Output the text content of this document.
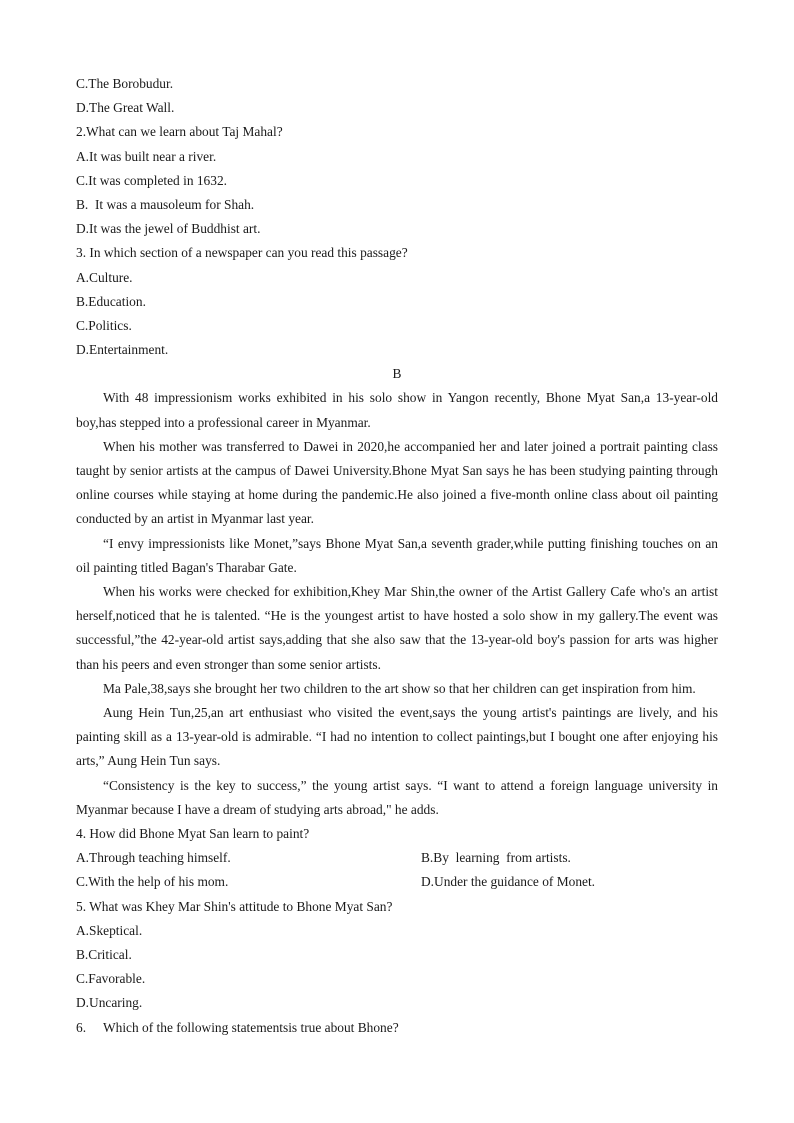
C.The Borobudur.
D.The Great Wall.
2.What can we learn about Taj Mahal?
A.It was built near a river.
C.It was completed in 1632.
B.  It was a mausoleum for Shah.
D.It was the jewel of Buddhist art.
3. In which section of a newspaper can you read this passage?
A.Culture.
B.Education.
C.Politics.
D.Entertainment.
B

With 48 impressionism works exhibited in his solo show in Yangon recently, Bhone Myat San,a 13-year-old boy,has stepped into a professional career in Myanmar.

When his mother was transferred to Dawei in 2020,he accompanied her and later joined a portrait painting class taught by senior artists at the campus of Dawei University.Bhone Myat San says he has been studying painting through online courses while staying at home during the pandemic.He also joined a five-month online class about oil painting conducted by an artist in Myanmar last year.

“I envy impressionists like Monet,”says Bhone Myat San,a seventh grader,while putting finishing touches on an oil painting titled Bagan's Tharabar Gate.

When his works were checked for exhibition,Khey Mar Shin,the owner of the Artist Gallery Cafe who's an artist herself,noticed that he is talented. “He is the youngest artist to have hosted a solo show in my gallery.The event was successful,”the 42-year-old artist says,adding that she also saw that the 13-year-old boy's passion for arts was higher than his peers and even stronger than some senior artists.

Ma Pale,38,says she brought her two children to the art show so that her children can get inspiration from him.

Aung Hein Tun,25,an art enthusiast who visited the event,says the young artist's paintings are lively, and his painting skill as a 13-year-old is admirable. “I had no intention to collect paintings,but I bought one after enjoying his arts,” Aung Hein Tun says.

“Consistency is the key to success,” the young artist says. “I want to attend a foreign language university in Myanmar because I have a dream of studying arts abroad," he adds.

4. How did Bhone Myat San learn to paint?
A.Through teaching himself.	B.By  learning  from artists.
C.With the help of his mom.	D.Under the guidance of Monet.
5. What was Khey Mar Shin's attitude to Bhone Myat San?
A.Skeptical.
B.Critical.
C.Favorable.
D.Uncaring.
6. Which of the following statementsis true about Bhone?
